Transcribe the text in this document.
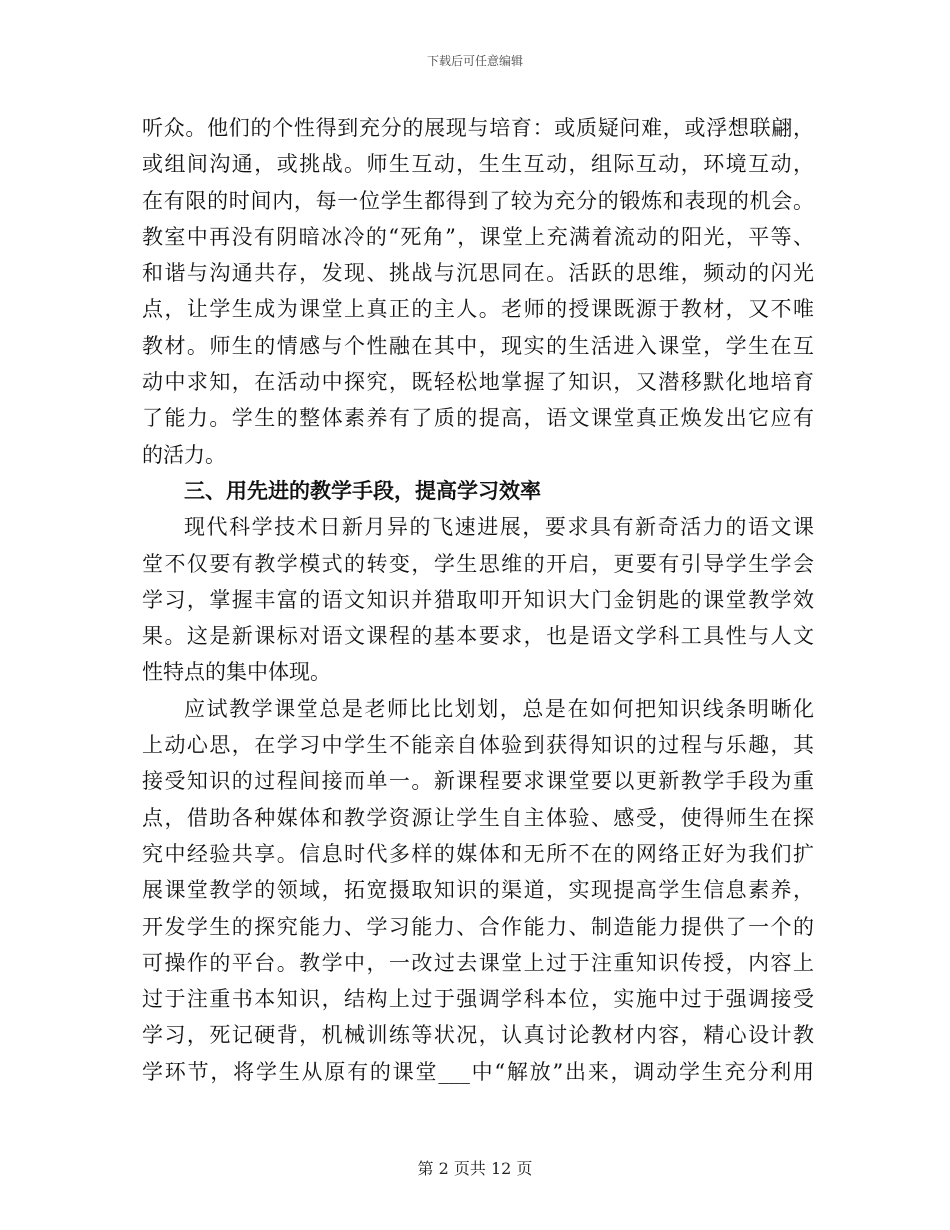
下载后可任意编辑
听众。他们的个性得到充分的展现与培育：或质疑问难，或浮想联翩，
或组间沟通，或挑战。师生互动，生生互动，组际互动，环境互动，
在有限的时间内，每一位学生都得到了较为充分的锻炼和表现的机会。
教室中再没有阴暗冰冷的“死角”，课堂上充满着流动的阳光，平等、
和谐与沟通共存，发现、挑战与沉思同在。活跃的思维，频动的闪光
点，让学生成为课堂上真正的主人。老师的授课既源于教材，又不唯
教材。师生的情感与个性融在其中，现实的生活进入课堂，学生在互
动中求知，在活动中探究，既轻松地掌握了知识，又潜移默化地培育
了能力。学生的整体素养有了质的提高，语文课堂真正焕发出它应有
的活力。
三、用先进的教学手段，提高学习效率
现代科学技术日新月异的飞速进展，要求具有新奇活力的语文课
堂不仅要有教学模式的转变，学生思维的开启，更要有引导学生学会
学习，掌握丰富的语文知识并猎取叩开知识大门金钥匙的课堂教学效
果。这是新课标对语文课程的基本要求，也是语文学科工具性与人文
性特点的集中体现。
应试教学课堂总是老师比比划划，总是在如何把知识线条明晰化
上动心思，在学习中学生不能亲自体验到获得知识的过程与乐趣，其
接受知识的过程间接而单一。新课程要求课堂要以更新教学手段为重
点，借助各种媒体和教学资源让学生自主体验、感受，使得师生在探
究中经验共享。信息时代多样的媒体和无所不在的网络正好为我们扩
展课堂教学的领域，拓宽摄取知识的渠道，实现提高学生信息素养，
开发学生的探究能力、学习能力、合作能力、制造能力提供了一个的
可操作的平台。教学中，一改过去课堂上过于注重知识传授，内容上
过于注重书本知识，结构上过于强调学科本位，实施中过于强调接受
学习，死记硬背，机械训练等状况，认真讨论教材内容，精心设计教
学环节，将学生从原有的课堂___中“解放”出来，调动学生充分利用
第 2 页共 12 页
